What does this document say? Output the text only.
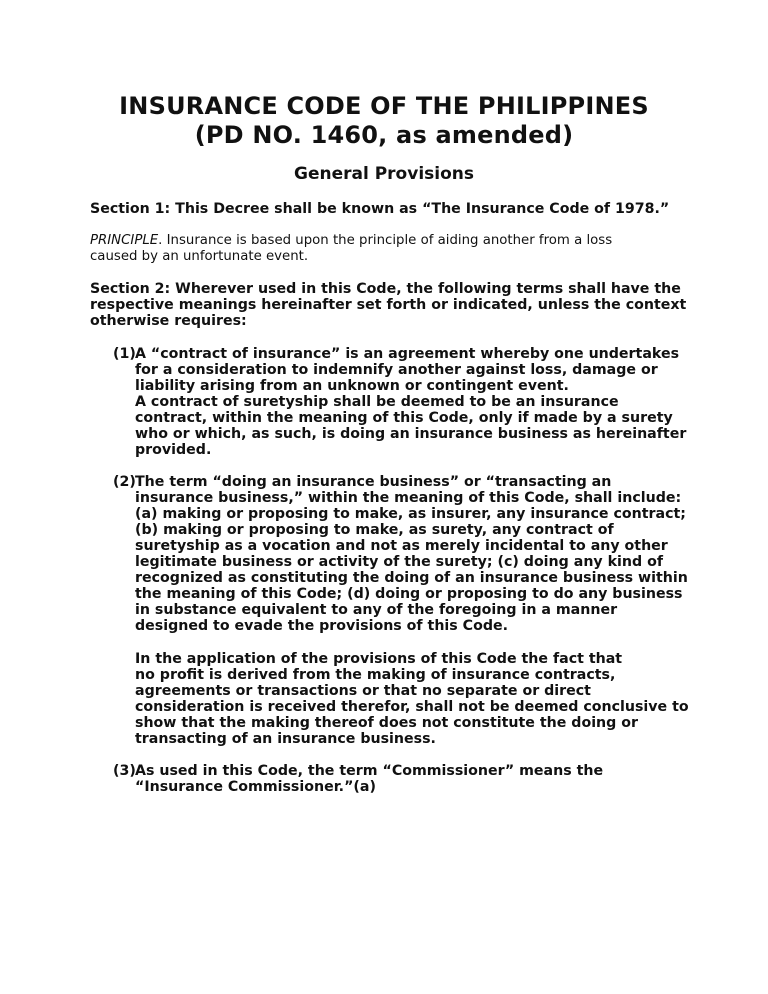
INSURANCE CODE OF THE PHILIPPINES
(PD NO. 1460, as amended)
General Provisions
Section 1: This Decree shall be known as “The Insurance Code of 1978.”
PRINCIPLE. Insurance is based upon the principle of aiding another from a loss
caused by an unfortunate event.
Section 2: Wherever used in this Code, the following terms shall have the
respective meanings hereinafter set forth or indicated, unless the context
otherwise requires:
(1) A “contract of insurance” is an agreement whereby one undertakes
for a consideration to indemnify another against loss, damage or
liability arising from an unknown or contingent event.
A contract of suretyship shall be deemed to be an insurance
contract, within the meaning of this Code, only if made by a surety
who or which, as such, is doing an insurance business as hereinafter
provided.
(2) The term “doing an insurance business” or “transacting an
insurance business,” within the meaning of this Code, shall include:
(a) making or proposing to make, as insurer, any insurance contract;
(b) making or proposing to make, as surety, any contract of
suretyship as a vocation and not as merely incidental to any other
legitimate business or activity of the surety; (c) doing any kind of
recognized as constituting the doing of an insurance business within
the meaning of this Code; (d) doing or proposing to do any business
in substance equivalent to any of the foregoing in a manner
designed to evade the provisions of this Code.
In the application of the provisions of this Code the fact that
no profit is derived from the making of insurance contracts,
agreements or transactions or that no separate or direct
consideration is received therefor, shall not be deemed conclusive to
show that the making thereof does not constitute the doing or
transacting of an insurance business.
(3) As used in this Code, the term “Commissioner” means the
“Insurance Commissioner.”(a)
